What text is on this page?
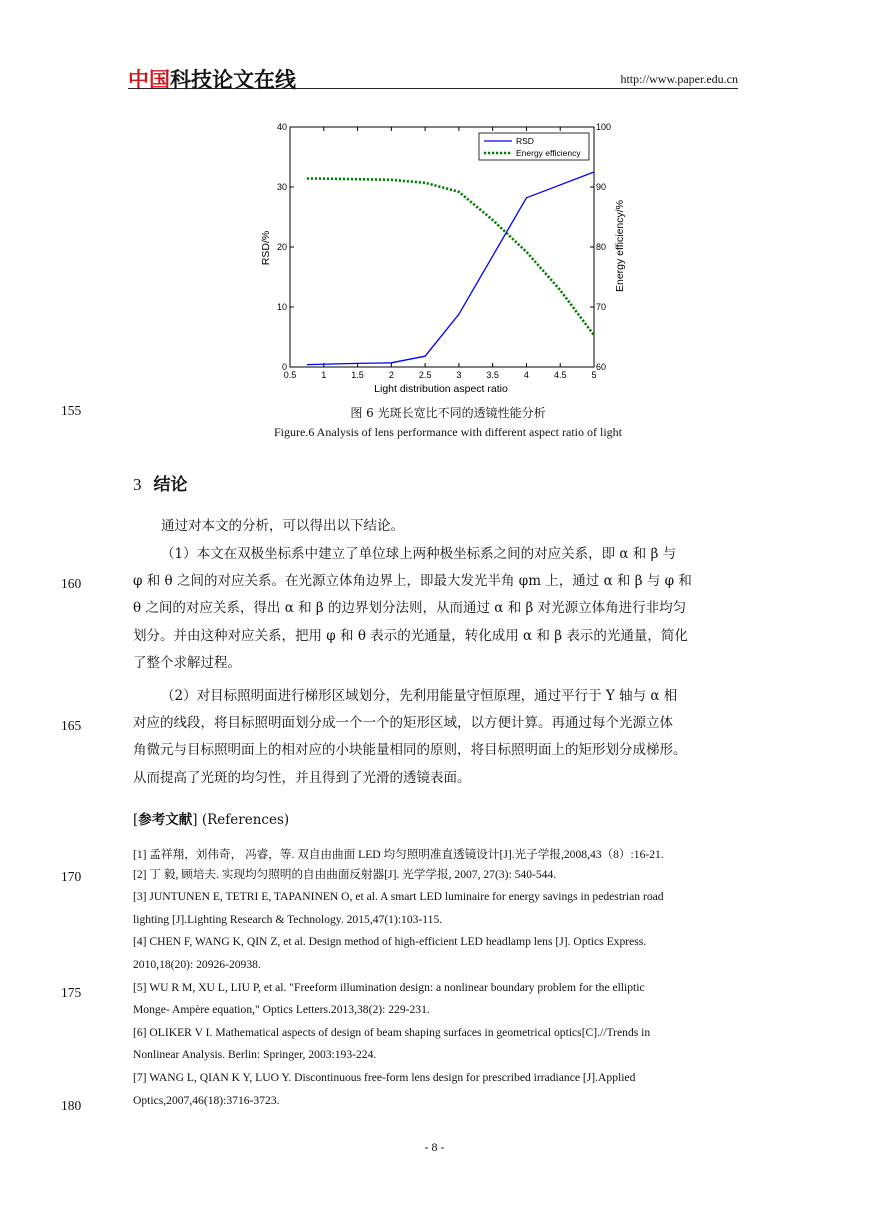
中国科技论文在线	http://www.paper.edu.cn
155
160
165
170
175
180
0.5	1	1.5	2	2.5	3	3.5	4	4.5	5
0
10
20
30
40
60
70
80
90
100
RSD
Energy efficiency
Light distribution aspect ratio
RSD/%	Energy efficiency/%
图 6 光斑长宽比不同的透镜性能分析
Figure.6 Analysis of lens performance with different aspect ratio of light
3 结论
通过对本文的分析，可以得出以下结论。
（1）本文在双极坐标系中建立了单位球上两种极坐标系之间的对应关系，即 α 和 β 与
φ 和 θ 之间的对应关系。在光源立体角边界上，即最大发光半角 φm 上，通过 α 和 β 与 φ 和
θ 之间的对应关系，得出 α 和 β 的边界划分法则，从而通过 α 和 β 对光源立体角进行非均匀
划分。并由这种对应关系，把用 φ 和 θ 表示的光通量，转化成用 α 和 β 表示的光通量，简化
了整个求解过程。
（2）对目标照明面进行梯形区域划分，先利用能量守恒原理，通过平行于 Y 轴与 α 相
对应的线段，将目标照明面划分成一个一个的矩形区域，以方便计算。再通过每个光源立体
角微元与目标照明面上的相对应的小块能量相同的原则，将目标照明面上的矩形划分成梯形。
从而提高了光斑的均匀性，并且得到了光滑的透镜表面。
[参考文献] (References)
[1] 孟祥翔，刘伟奇， 冯睿，等. 双自由曲面 LED 均匀照明准直透镜设计[J].光子学报,2008,43（8）:16-21.
[2] 丁 毅, 顾培夫. 实现均匀照明的自由曲面反射器[J]. 光学学报, 2007, 27(3): 540-544.
[3] JUNTUNEN E, TETRI E, TAPANINEN O, et al. A smart LED luminaire for energy savings in pedestrian road
lighting [J].Lighting Research & Technology. 2015,47(1):103-115.
[4] CHEN F, WANG K, QIN Z, et al. Design method of high-efficient LED headlamp lens [J]. Optics Express.
2010,18(20): 20926-20938.
[5] WU R M, XU L, LIU P, et al. "Freeform illumination design: a nonlinear boundary problem for the elliptic
Monge- Ampère equation," Optics Letters.2013,38(2): 229-231.
[6] OLIKER V I. Mathematical aspects of design of beam shaping surfaces in geometrical optics[C].//Trends in
Nonlinear Analysis. Berlin: Springer, 2003:193-224.
[7] WANG L, QIAN K Y, LUO Y. Discontinuous free-form lens design for prescribed irradiance [J].Applied
Optics,2007,46(18):3716-3723.
- 8 -
